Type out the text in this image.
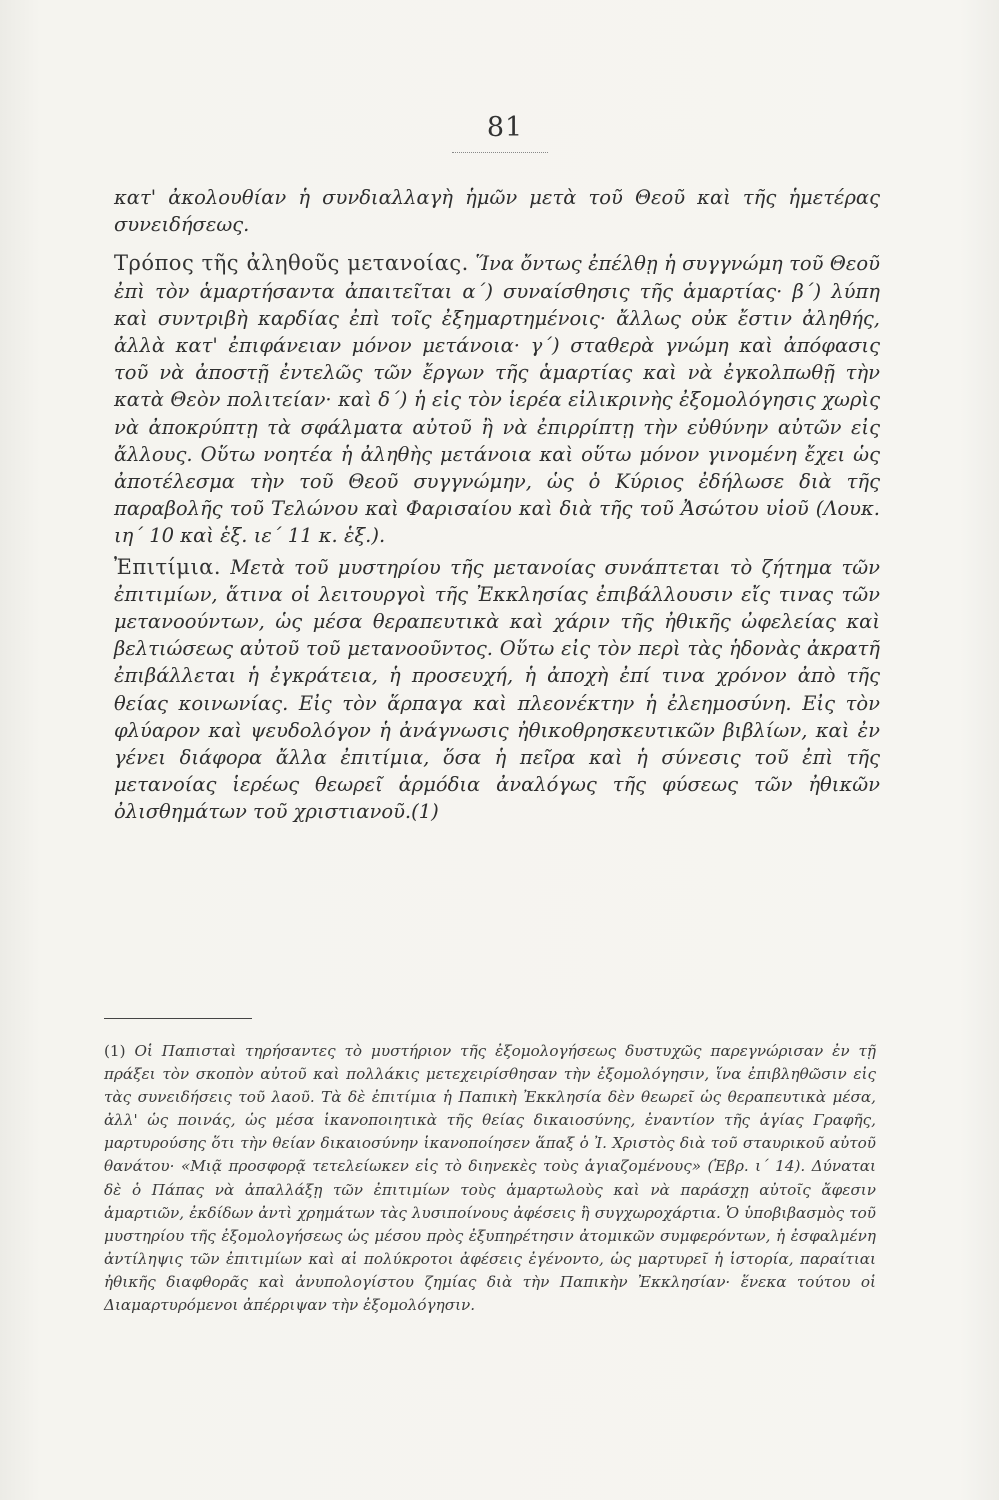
81

κατ' ἀκολουθίαν ἡ συνδιαλλαγὴ ἡμῶν μετὰ τοῦ Θεοῦ καὶ τῆς ἡμετέρας συνειδήσεως.

Τρόπος τῆς ἀληθοῦς μετανοίας. Ἵνα ὄντως ἐπέλθῃ ἡ συγγνώμη τοῦ Θεοῦ ἐπὶ τὸν ἁμαρτήσαντα ἀπαιτεῖται α΄) συναίσθησις τῆς ἁμαρτίας· β΄) λύπη καὶ συντριβὴ καρδίας ἐπὶ τοῖς ἐξημαρτημένοις· ἄλλως οὐκ ἔστιν ἀληθής, ἀλλὰ κατ' ἐπιφάνειαν μόνον μετάνοια· γ΄) σταθερὰ γνώμη καὶ ἀπόφασις τοῦ νὰ ἀποστῇ ἐντελῶς τῶν ἔργων τῆς ἁμαρτίας καὶ νὰ ἐγκολπωθῇ τὴν κατὰ Θεὸν πολιτείαν· καὶ δ΄) ἡ εἰς τὸν ἱερέα εἰλικρινὴς ἐξομολόγησις χωρὶς νὰ ἀποκρύπτῃ τὰ σφάλματα αὐτοῦ ἢ νὰ ἐπιρρίπτῃ τὴν εὐθύνην αὐτῶν εἰς ἄλλους. Οὕτω νοητέα ἡ ἀληθὴς μετάνοια καὶ οὕτω μόνον γινομένη ἔχει ὡς ἀποτέλεσμα τὴν τοῦ Θεοῦ συγγνώμην, ὡς ὁ Κύριος ἐδήλωσε διὰ τῆς παραβολῆς τοῦ Τελώνου καὶ Φαρισαίου καὶ διὰ τῆς τοῦ Ἀσώτου υἱοῦ (Λουκ. ιη΄ 10 καὶ ἑξ. ιε΄ 11 κ. ἑξ.).

Ἐπιτίμια. Μετὰ τοῦ μυστηρίου τῆς μετανοίας συνάπτεται τὸ ζήτημα τῶν ἐπιτιμίων, ἅτινα οἱ λειτουργοὶ τῆς Ἐκκλησίας ἐπιβάλλουσιν εἴς τινας τῶν μετανοούντων, ὡς μέσα θεραπευτικὰ καὶ χάριν τῆς ἠθικῆς ὠφελείας καὶ βελτιώσεως αὐτοῦ τοῦ μετανοοῦντος. Οὕτω εἰς τὸν περὶ τὰς ἡδονὰς ἀκρατῆ ἐπιβάλλεται ἡ ἐγκράτεια, ἡ προσευχή, ἡ ἀποχὴ ἐπί τινα χρόνον ἀπὸ τῆς θείας κοινωνίας. Εἰς τὸν ἅρπαγα καὶ πλεονέκτην ἡ ἐλεημοσύνη. Εἰς τὸν φλύαρον καὶ ψευδολόγον ἡ ἀνάγνωσις ἠθικοθρησκευτικῶν βιβλίων, καὶ ἐν γένει διάφορα ἄλλα ἐπιτίμια, ὅσα ἡ πεῖρα καὶ ἡ σύνεσις τοῦ ἐπὶ τῆς μετανοίας ἱερέως θεωρεῖ ἁρμόδια ἀναλόγως τῆς φύσεως τῶν ἠθικῶν ὀλισθημάτων τοῦ χριστιανοῦ.(1)

(1) Οἱ Παπισταὶ τηρήσαντες τὸ μυστήριον τῆς ἐξομολογήσεως δυστυχῶς παρεγνώρισαν ἐν τῇ πράξει τὸν σκοπὸν αὐτοῦ καὶ πολλάκις μετεχειρίσθησαν τὴν ἐξομολόγησιν, ἵνα ἐπιβληθῶσιν εἰς τὰς συνειδήσεις τοῦ λαοῦ. Τὰ δὲ ἐπιτίμια ἡ Παπικὴ Ἐκκλησία δὲν θεωρεῖ ὡς θεραπευτικὰ μέσα, ἀλλ' ὡς ποινάς, ὡς μέσα ἱκανοποιητικὰ τῆς θείας δικαιοσύνης, ἐναντίον τῆς ἁγίας Γραφῆς, μαρτυρούσης ὅτι τὴν θείαν δικαιοσύνην ἱκανοποίησεν ἅπαξ ὁ Ἰ. Χριστὸς διὰ τοῦ σταυρικοῦ αὐτοῦ θανάτου· «Μιᾷ προσφορᾷ τετελείωκεν εἰς τὸ διηνεκὲς τοὺς ἁγιαζομένους» (Ἑβρ. ι΄ 14). Δύναται δὲ ὁ Πάπας νὰ ἀπαλλάξῃ τῶν ἐπιτιμίων τοὺς ἁμαρτωλοὺς καὶ νὰ παράσχῃ αὐτοῖς ἄφεσιν ἁμαρτιῶν, ἐκδίδων ἀντὶ χρημάτων τὰς λυσιποίνους ἀφέσεις ἢ συγχωροχάρτια. Ὁ ὑποβιβασμὸς τοῦ μυστηρίου τῆς ἐξομολογήσεως ὡς μέσου πρὸς ἐξυπηρέτησιν ἀτομικῶν συμφερόντων, ἡ ἐσφαλμένη ἀντίληψις τῶν ἐπιτιμίων καὶ αἱ πολύκροτοι ἀφέσεις ἐγένοντο, ὡς μαρτυρεῖ ἡ ἱστορία, παραίτιαι ἠθικῆς διαφθορᾶς καὶ ἀνυπολογίστου ζημίας διὰ τὴν Παπικὴν Ἐκκλησίαν· ἕνεκα τούτου οἱ Διαμαρτυρόμενοι ἀπέρριψαν τὴν ἐξομολόγησιν.
